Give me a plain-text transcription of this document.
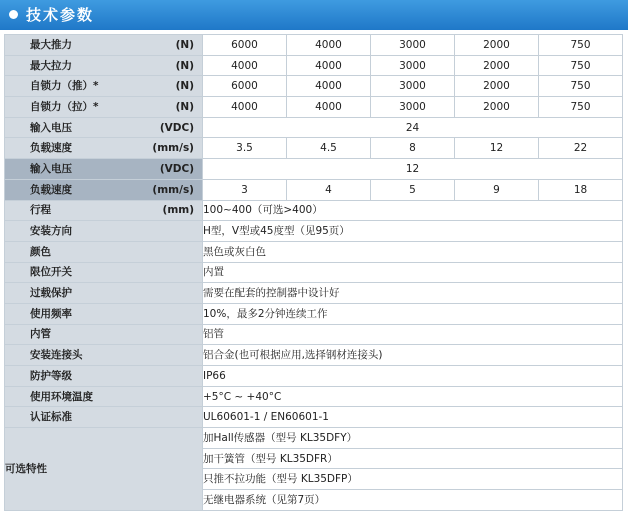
技术参数
最大推力 (N)	6000	4000	3000	2000	750

最大拉力 (N)	4000	4000	3000	2000	750

自锁力（推）* (N)	6000	4000	3000	2000	750

自锁力（拉）* (N)	4000	4000	3000	2000	750

输入电压 (VDC)	24				

负载速度 (mm/s)	3.5	4.5	8	12	22

输入电压 (VDC)	12				

负载速度 (mm/s)	3	4	5	9	18

行程 (mm)	100~400（可选>400）				

安装方向	H型，V型或45度型（见95页）				

颜色	黑色或灰白色				

限位开关	内置				

过载保护	需要在配套的控制器中设计好				

使用频率	10%，最多2分钟连续工作				

内管	铝管				

安装连接头	铝合金(也可根据应用,选择钢材连接头)				

防护等级	IP66				

使用环境温度	+5°C ~ +40°C				

认证标准	UL60601-1 / EN60601-1				
可选特性	加Hall传感器（型号 KL35DFY）				
	加干簧管（型号 KL35DFR）				
	只推不拉功能（型号 KL35DFP）				
	无继电器系统（见第7页）				
